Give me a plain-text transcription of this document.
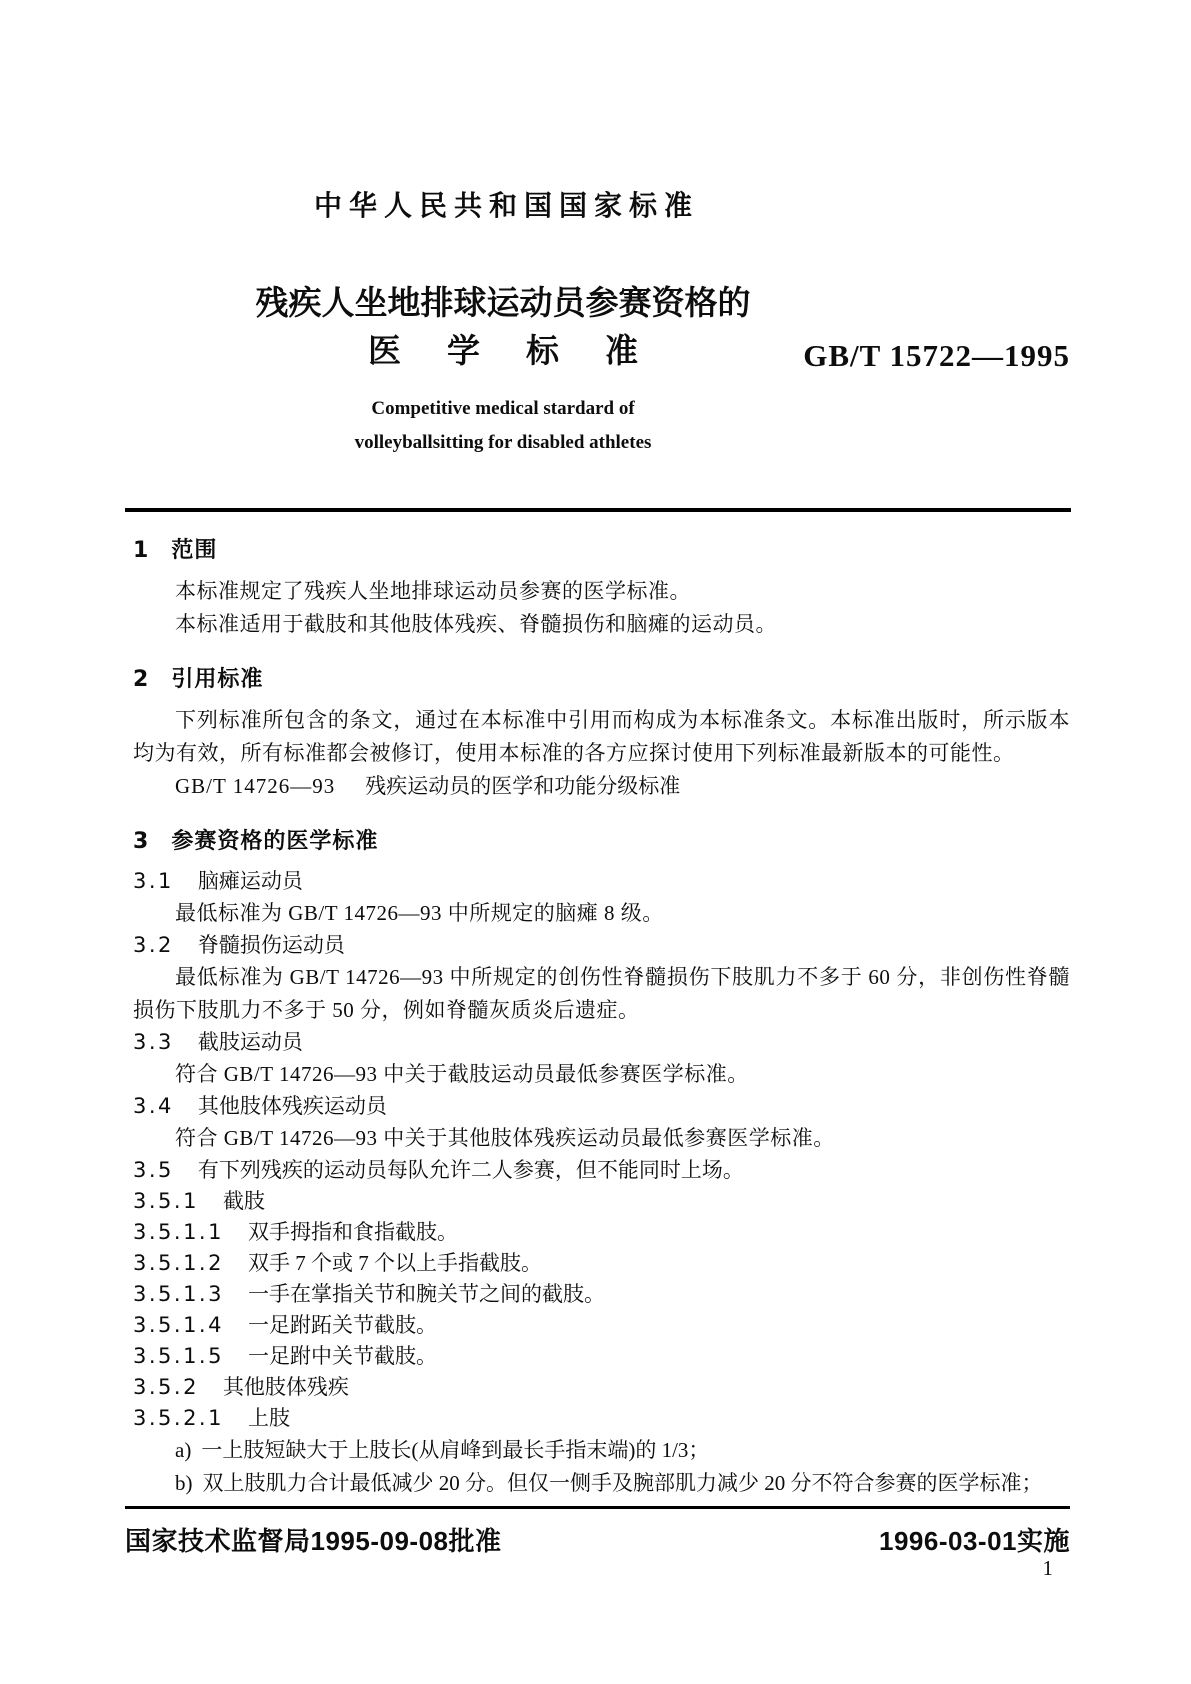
中华人民共和国国家标准
残疾人坐地排球运动员参赛资格的
医学标准
Competitive medical stardard of
volleyballsitting for disabled athletes
GB/T 15722—1995
1 范围

本标准规定了残疾人坐地排球运动员参赛的医学标准。

本标准适用于截肢和其他肢体残疾、脊髓损伤和脑瘫的运动员。

2 引用标准

下列标准所包含的条文，通过在本标准中引用而构成为本标准条文。本标准出版时，所示版本均为有效，所有标准都会被修订，使用本标准的各方应探讨使用下列标准最新版本的可能性。

GB/T 14726—93 残疾运动员的医学和功能分级标准

3 参赛资格的医学标准
3.1 脑瘫运动员

最低标准为 GB/T 14726—93 中所规定的脑瘫 8 级。

3.2 脊髓损伤运动员

最低标准为 GB/T 14726—93 中所规定的创伤性脊髓损伤下肢肌力不多于 60 分，非创伤性脊髓损伤下肢肌力不多于 50 分，例如脊髓灰质炎后遗症。

3.3 截肢运动员

符合 GB/T 14726—93 中关于截肢运动员最低参赛医学标准。

3.4 其他肢体残疾运动员

符合 GB/T 14726—93 中关于其他肢体残疾运动员最低参赛医学标准。

3.5 有下列残疾的运动员每队允许二人参赛，但不能同时上场。
3.5.1 截肢
3.5.1.1 双手拇指和食指截肢。
3.5.1.2 双手 7 个或 7 个以上手指截肢。
3.5.1.3 一手在掌指关节和腕关节之间的截肢。
3.5.1.4 一足跗跖关节截肢。
3.5.1.5 一足跗中关节截肢。
3.5.2 其他肢体残疾
3.5.2.1 上肢

a) 一上肢短缺大于上肢长(从肩峰到最长手指末端)的 1/3；

b) 双上肢肌力合计最低减少 20 分。但仅一侧手及腕部肌力减少 20 分不符合参赛的医学标准；

国家技术监督局1995-09-08批准	1996-03-01实施
1
